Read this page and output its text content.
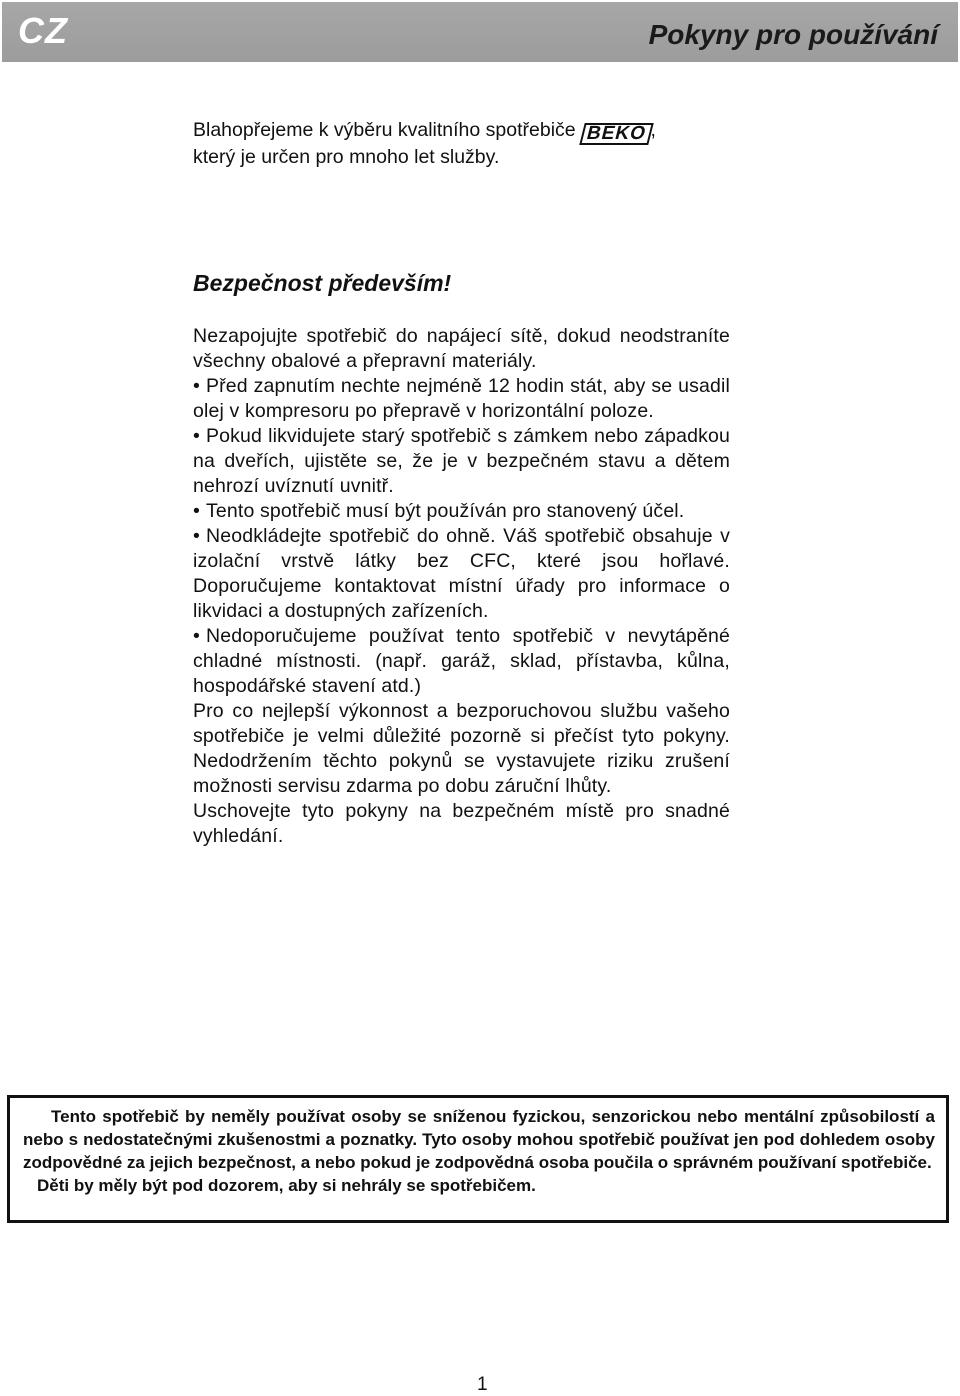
CZ	Pokyny pro používání
Blahopřejeme k výběru kvalitního spotřebiče BEKO ,
který je určen pro mnoho let služby.
Bezpečnost především!

Nezapojujte spotřebič do napájecí sítě, dokud neodstraníte všechny obalové a přepravní materiály.

• Před zapnutím nechte nejméně 12 hodin stát, aby se usadil olej v kompresoru po přepravě v horizontální poloze.

• Pokud likvidujete starý spotřebič s zámkem nebo západkou na dveřích, ujistěte se, že je v bezpečném stavu a dětem nehrozí uvíznutí uvnitř.

• Tento spotřebič musí být používán pro stanovený účel.

• Neodkládejte spotřebič do ohně. Váš spotřebič obsahuje v izolační vrstvě látky bez CFC, které jsou hořlavé. Doporučujeme kontaktovat místní úřady pro informace o likvidaci a dostupných zařízeních.

• Nedoporučujeme používat tento spotřebič v nevytápěné chladné místnosti. (např. garáž, sklad, přístavba, kůlna, hospodářské stavení atd.)

Pro co nejlepší výkonnost a bezporuchovou službu vašeho spotřebiče je velmi důležité pozorně si přečíst tyto pokyny. Nedodržením těchto pokynů se vystavujete riziku zrušení možnosti servisu zdarma po dobu záruční lhůty.

Uschovejte tyto pokyny na bezpečném místě pro snadné vyhledání.

Tento spotřebič by neměly používat osoby se sníženou fyzickou, senzorickou nebo mentální způsobilostí a nebo s nedostatečnými zkušenostmi a poznatky. Tyto osoby mohou spotřebič používat jen pod dohledem osoby zodpovědné za jejich bezpečnost, a nebo pokud je zodpovědná osoba poučila o správném používaní spotřebiče.

Děti by měly být pod dozorem, aby si nehrály se spotřebičem.

1
